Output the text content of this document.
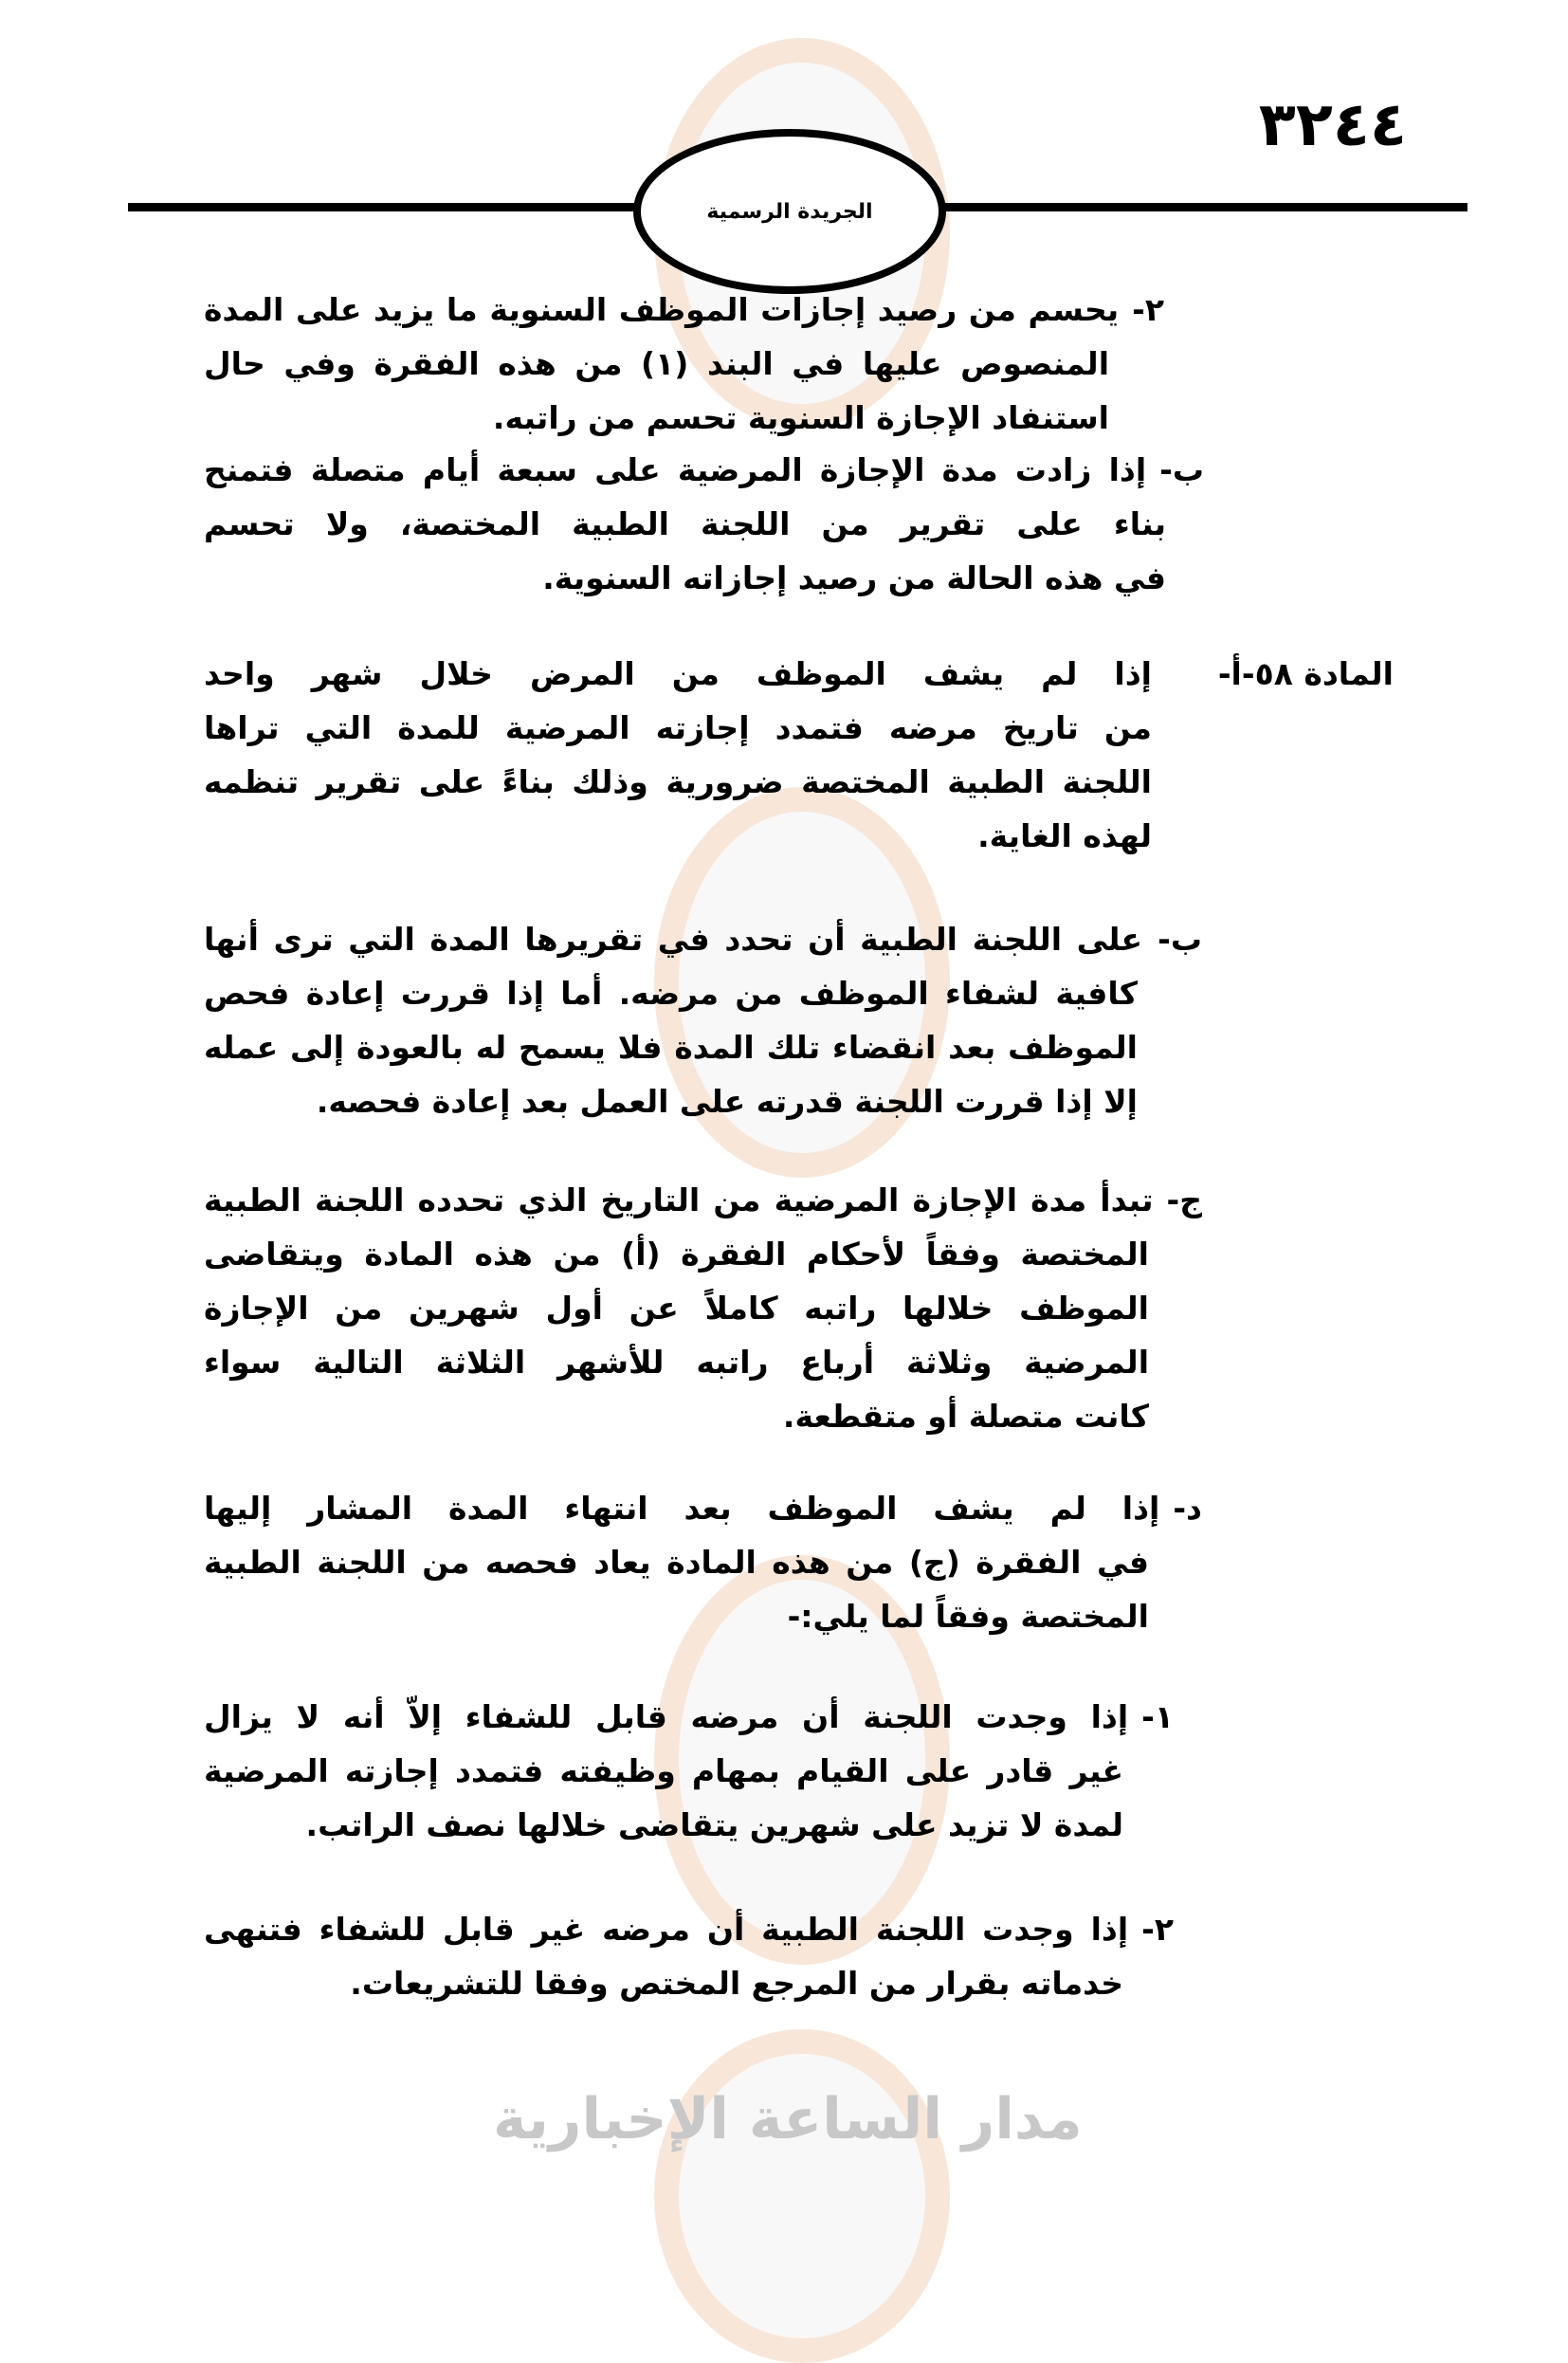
مدار الساعة الإخبارية
٣٢٤٤
الجريدة الرسمية
٢-
يحسم من رصيد إجازات الموظف السنوية ما يزيد على المدة
المنصوص عليها في البند (١) من هذه الفقرة وفي حال
استنفاد الإجازة السنوية تحسم من راتبه.
ب-
إذا زادت مدة الإجازة المرضية على سبعة أيام متصلة فتمنح
بناء على تقرير من اللجنة الطبية المختصة، ولا تحسم
في هذه الحالة من رصيد إجازاته السنوية.
المادة ٥٨-أ-
إذا لم يشف الموظف من المرض خلال شهر واحد
من تاريخ مرضه فتمدد إجازته المرضية للمدة التي تراها
اللجنة الطبية المختصة ضرورية وذلك بناءً على تقرير تنظمه
لهذه الغاية.
ب-
على اللجنة الطبية أن تحدد في تقريرها المدة التي ترى أنها
كافية لشفاء الموظف من مرضه. أما إذا قررت إعادة فحص
الموظف بعد انقضاء تلك المدة فلا يسمح له بالعودة إلى عمله
إلا إذا قررت اللجنة قدرته على العمل بعد إعادة فحصه.
ج-
تبدأ مدة الإجازة المرضية من التاريخ الذي تحدده اللجنة الطبية
المختصة وفقاً لأحكام الفقرة (أ) من هذه المادة ويتقاضى
الموظف خلالها راتبه كاملاً عن أول شهرين من الإجازة
المرضية وثلاثة أرباع راتبه للأشهر الثلاثة التالية سواء
كانت متصلة أو متقطعة.
د-
إذا لم يشف الموظف بعد انتهاء المدة المشار إليها
في الفقرة (ج) من هذه المادة يعاد فحصه من اللجنة الطبية
المختصة وفقاً لما يلي:-
١-
إذا وجدت اللجنة أن مرضه قابل للشفاء إلاّ أنه لا يزال
غير قادر على القيام بمهام وظيفته فتمدد إجازته المرضية
لمدة لا تزيد على شهرين يتقاضى خلالها نصف الراتب.
٢-
إذا وجدت اللجنة الطبية أن مرضه غير قابل للشفاء فتنهى
خدماته بقرار من المرجع المختص وفقا للتشريعات.
